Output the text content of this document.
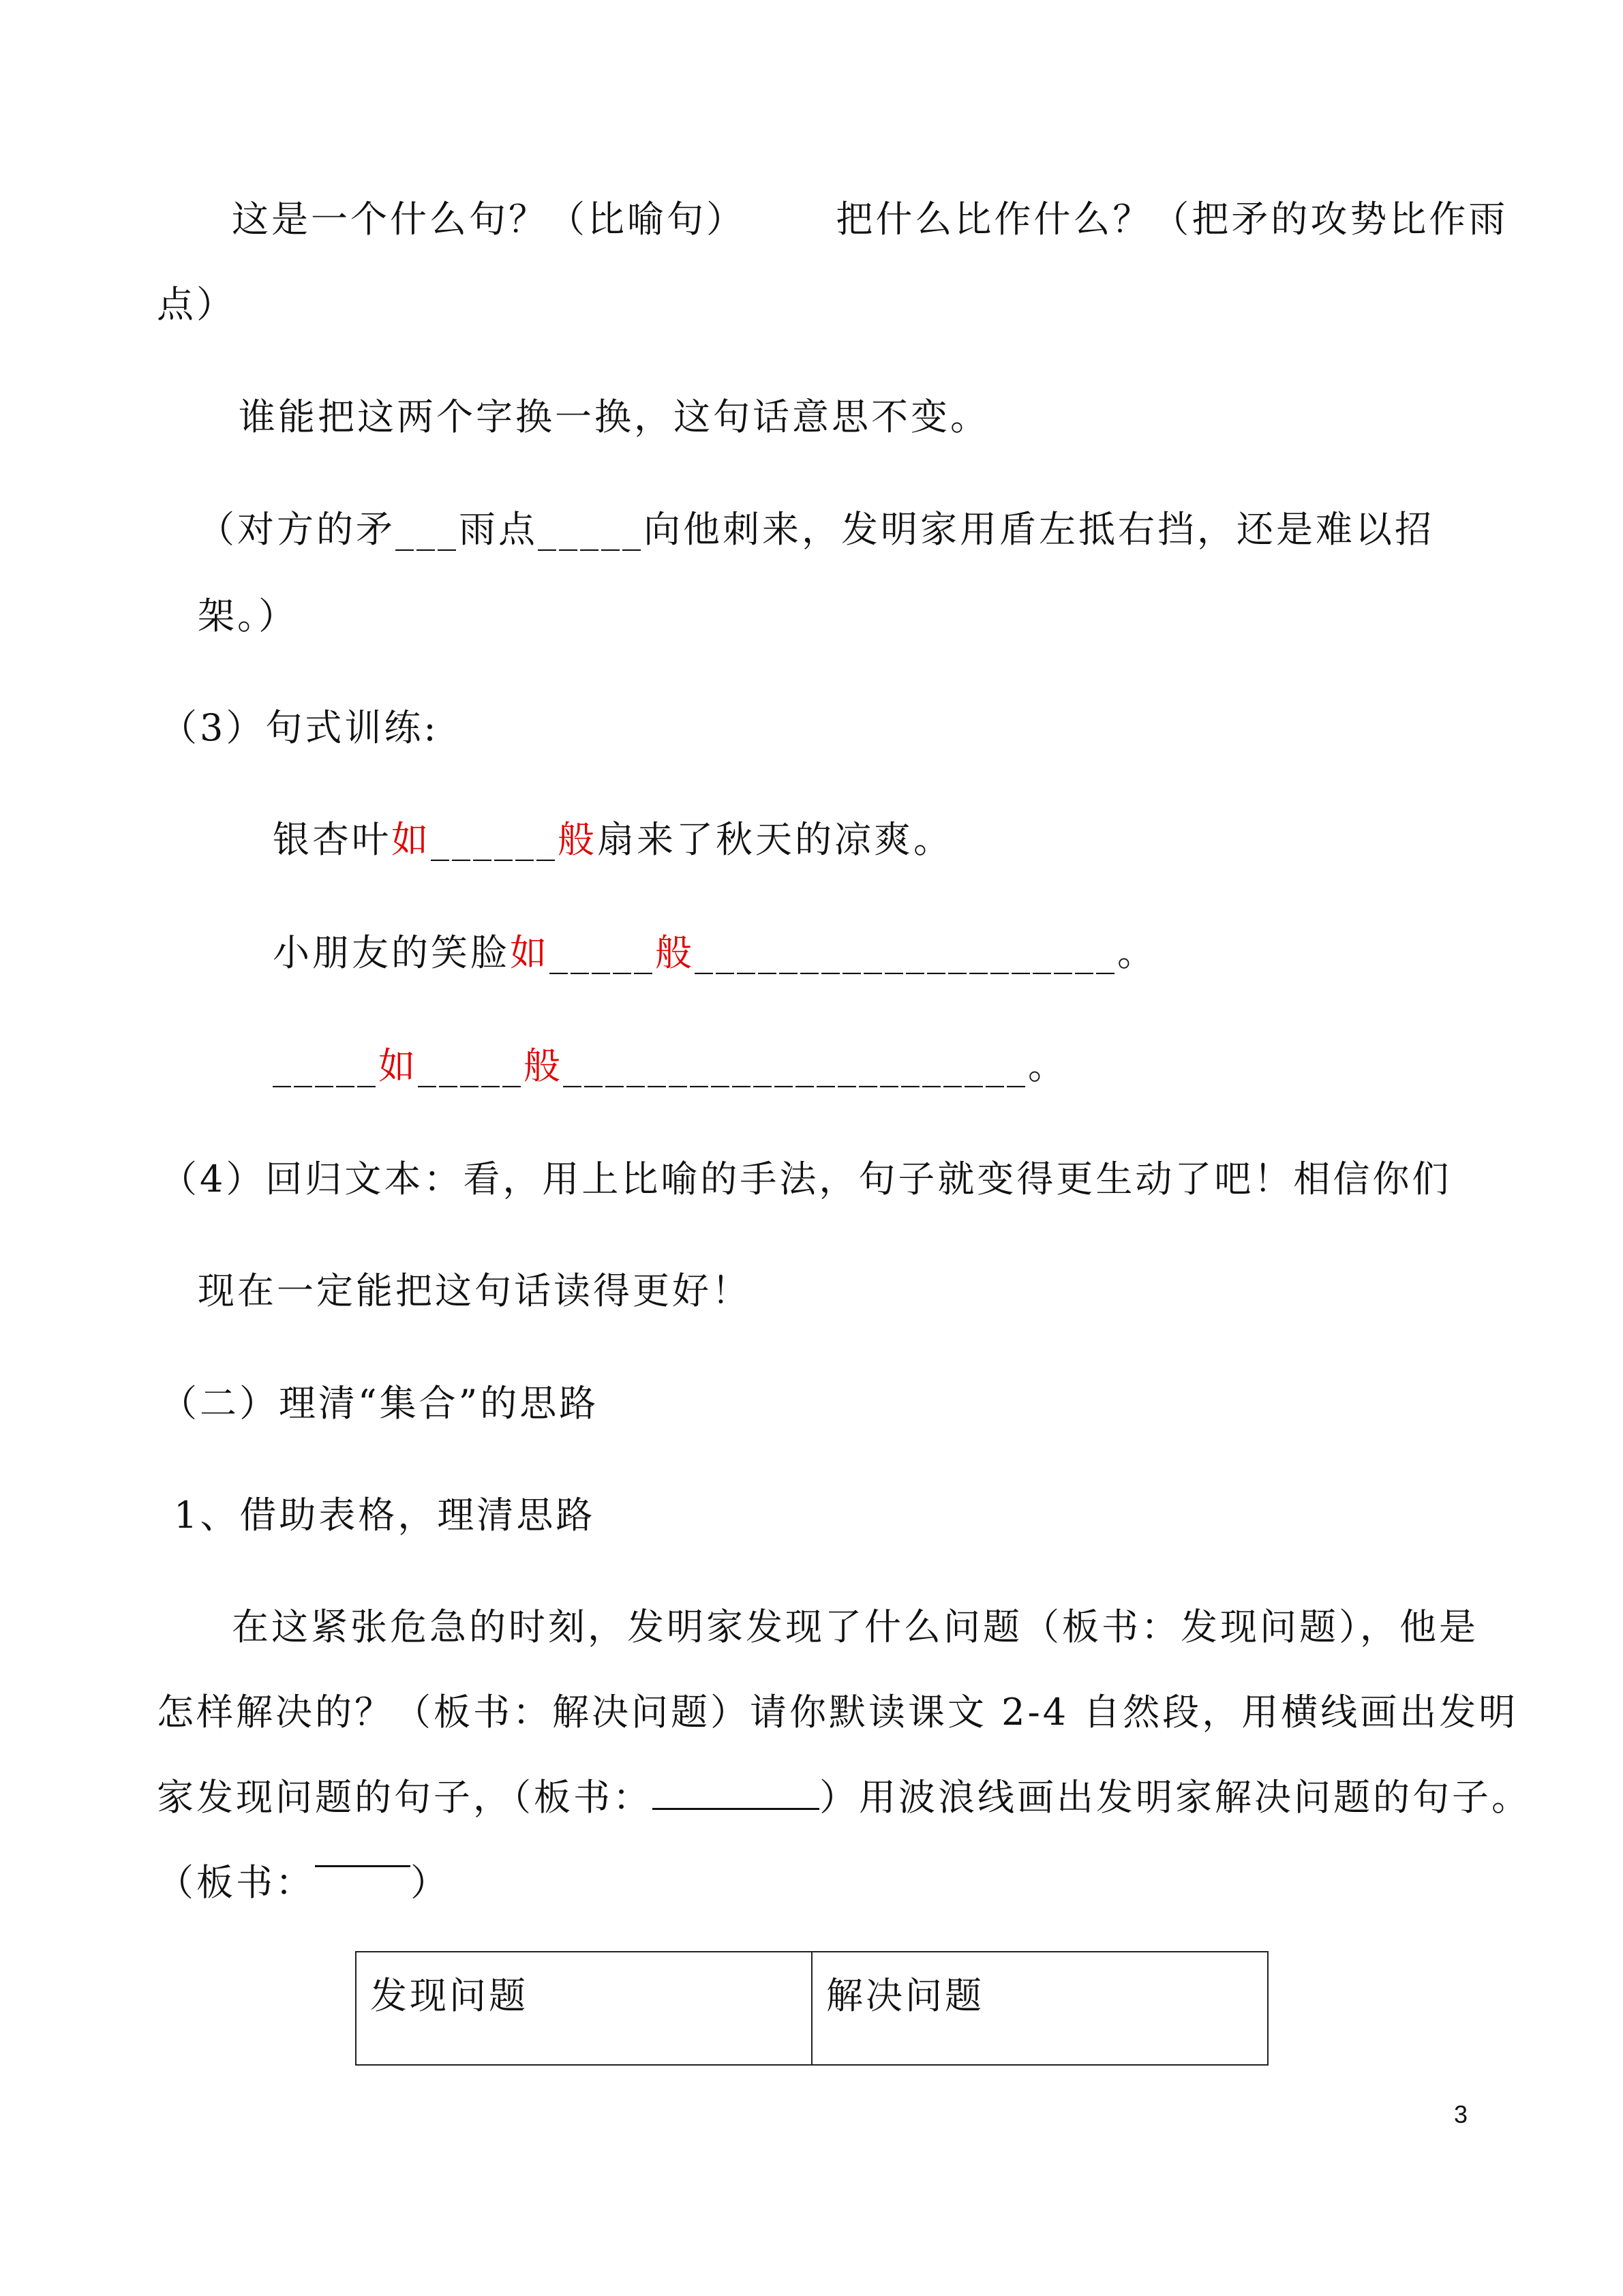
这是一个什么句？（比喻句） 把什么比作什么？（把矛的攻势比作雨
点）
谁能把这两个字换一换，这句话意思不变。
（对方的矛___雨点_____向他刺来，发明家用盾左抵右挡，还是难以招
架。）
（3）句式训练:
银杏叶如______般扇来了秋天的凉爽。
小朋友的笑脸如_____般____________________。
_____如_____般______________________。
（4）回归文本：看，用上比喻的手法，句子就变得更生动了吧！相信你们
现在一定能把这句话读得更好！
（二）理清“集合”的思路
1、借助表格，理清思路
在这紧张危急的时刻，发明家发现了什么问题（板书：发现问题），他是
怎样解决的？（板书：解决问题）请你默读课文 2-4 自然段，用横线画出发明
家发现问题的句子，（板书：	）用波浪线画出发明家解决问题的句子。
（板书：	）
发现问题	解决问题
3
